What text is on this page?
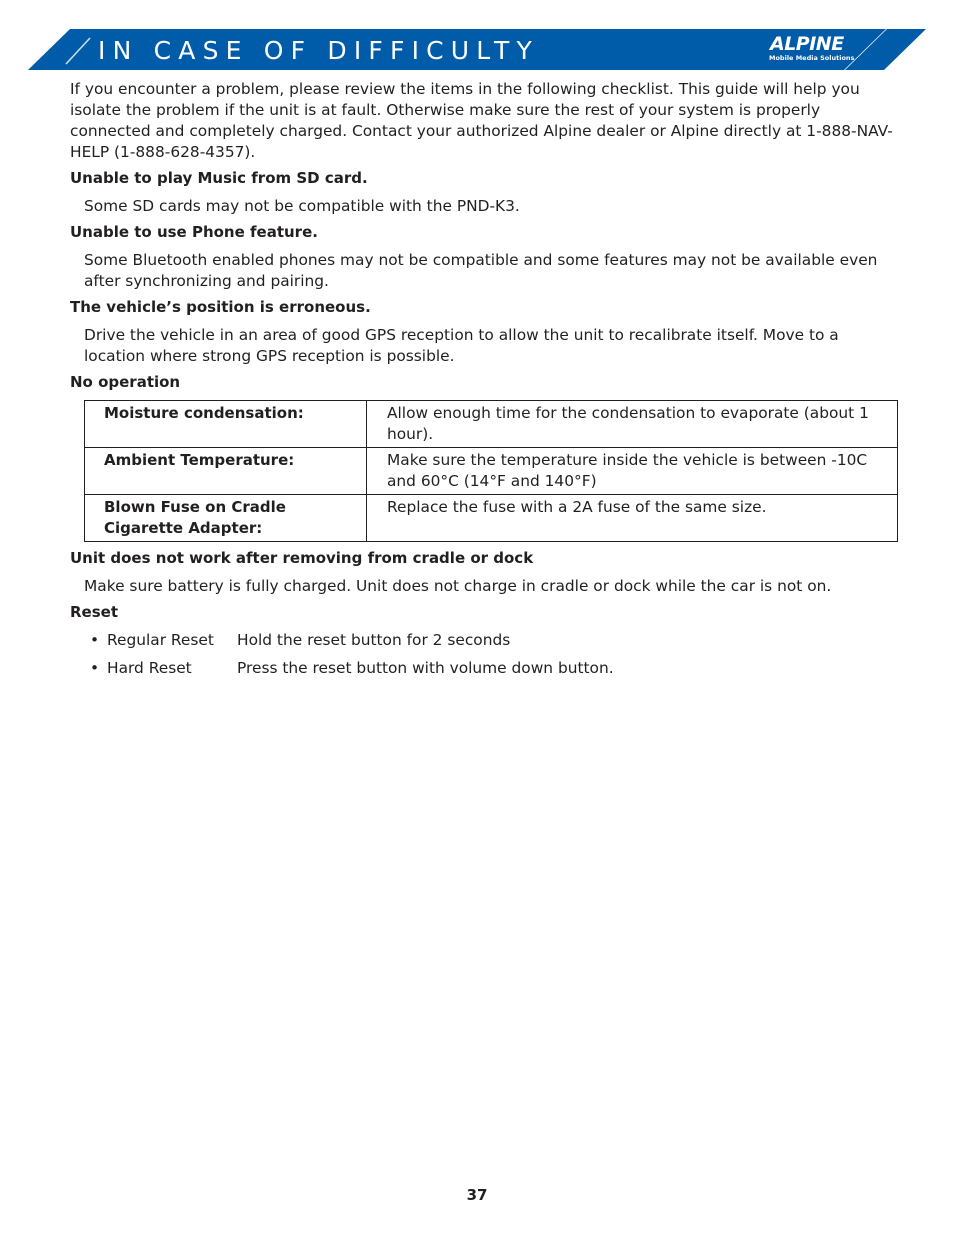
IN CASE OF DIFFICULTY	ALPINE
Mobile Media Solutions

If you encounter a problem, please review the items in the following checklist. This guide will help you isolate the problem if the unit is at fault. Otherwise make sure the rest of your system is properly connected and completely charged. Contact your authorized Alpine dealer or Alpine directly at 1-888-NAV-HELP (1-888-628-4357).

Unable to play Music from SD card.

Some SD cards may not be compatible with the PND-K3.

Unable to use Phone feature.

Some Bluetooth enabled phones may not be compatible and some features may not be available even after synchronizing and pairing.

The vehicle’s position is erroneous.

Drive the vehicle in an area of good GPS reception to allow the unit to recalibrate itself. Move to a location where strong GPS reception is possible.

No operation

Moisture condensation:	Allow enough time for the condensation to evaporate (about 1 hour).
Ambient Temperature:	Make sure the temperature inside the vehicle is between -10C and 60°C (14°F and 140°F)
Blown Fuse on Cradle Cigarette Adapter:	Replace the fuse with a 2A fuse of the same size.

Unit does not work after removing from cradle or dock

Make sure battery is fully charged. Unit does not charge in cradle or dock while the car is not on.

Reset

• Regular Reset Hold the reset button for 2 seconds
• Hard Reset	Press the reset button with volume down button.
37
